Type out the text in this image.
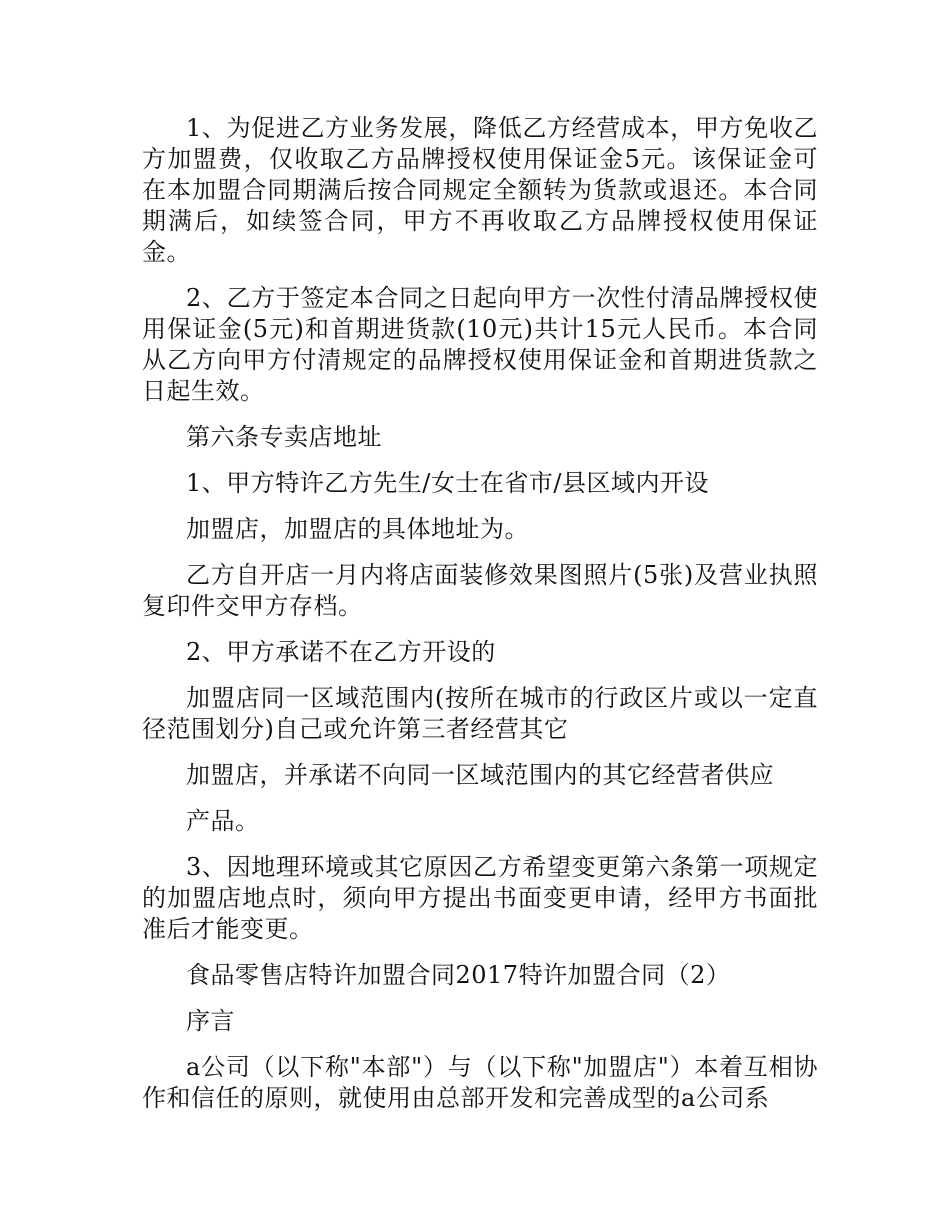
1、为促进乙方业务发展，降低乙方经营成本，甲方免收乙方加盟费，仅收取乙方品牌授权使用保证金5元。该保证金可在本加盟合同期满后按合同规定全额转为货款或退还。本合同期满后，如续签合同，甲方不再收取乙方品牌授权使用保证金。

2、乙方于签定本合同之日起向甲方一次性付清品牌授权使用保证金(5元)和首期进货款(10元)共计15元人民币。本合同从乙方向甲方付清规定的品牌授权使用保证金和首期进货款之日起生效。

第六条专卖店地址

1、甲方特许乙方先生/女士在省市/县区域内开设

加盟店，加盟店的具体地址为。

乙方自开店一月内将店面装修效果图照片(5张)及营业执照复印件交甲方存档。

2、甲方承诺不在乙方开设的

加盟店同一区域范围内(按所在城市的行政区片或以一定直径范围划分)自己或允许第三者经营其它

加盟店，并承诺不向同一区域范围内的其它经营者供应

产品。

3、因地理环境或其它原因乙方希望变更第六条第一项规定的加盟店地点时，须向甲方提出书面变更申请，经甲方书面批准后才能变更。

食品零售店特许加盟合同2017特许加盟合同（2）

序言

a公司（以下称"本部"）与（以下称"加盟店"）本着互相协作和信任的原则，就使用由总部开发和完善成型的a公司系
